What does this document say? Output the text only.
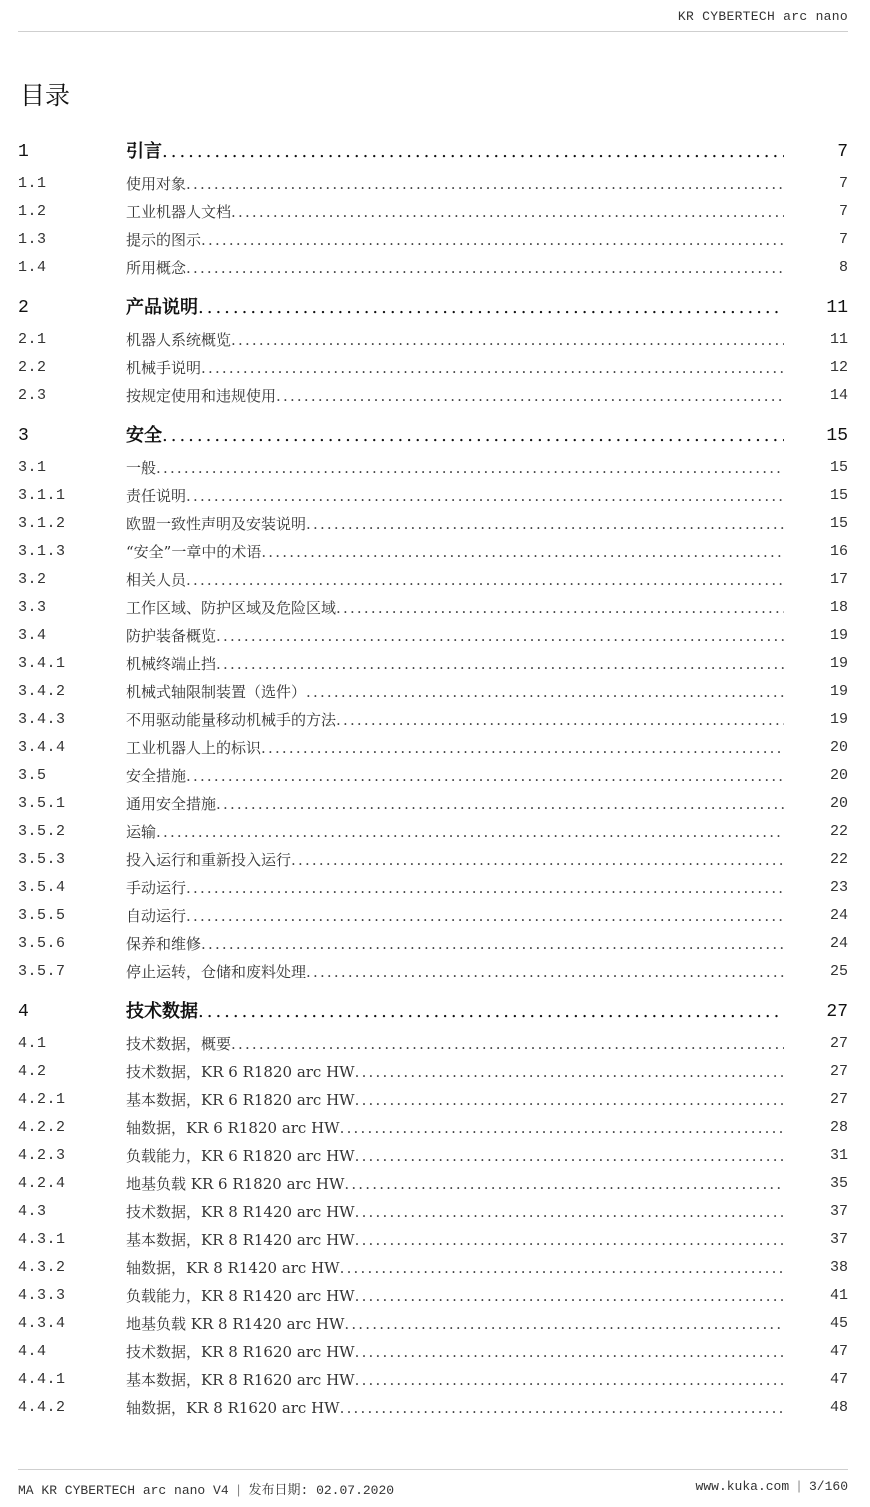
KR CYBERTECH arc nano
目录
1	引言 .....	7
1.1	使用对象 .....	7
1.2	工业机器人文档 .....	7
1.3	提示的图示 .....	7
1.4	所用概念 .....	8
2	产品说明 .....	11
2.1	机器人系统概览 .....	11
2.2	机械手说明 .....	12
2.3	按规定使用和违规使用 .....	14
3	安全 .....	15
3.1	一般 .....	15
3.1.1	责任说明 .....	15
3.1.2	欧盟一致性声明及安装说明 .....	15
3.1.3	“安全”一章中的术语 .....	16
3.2	相关人员 .....	17
3.3	工作区域、防护区域及危险区域 .....	18
3.4	防护装备概览 .....	19
3.4.1	机械终端止挡 .....	19
3.4.2	机械式轴限制装置（选件） .....	19
3.4.3	不用驱动能量移动机械手的方法 .....	19
3.4.4	工业机器人上的标识 .....	20
3.5	安全措施 .....	20
3.5.1	通用安全措施 .....	20
3.5.2	运输 .....	22
3.5.3	投入运行和重新投入运行 .....	22
3.5.4	手动运行 .....	23
3.5.5	自动运行 .....	24
3.5.6	保养和维修 .....	24
3.5.7	停止运转，仓储和废料处理 .....	25
4	技术数据 .....	27
4.1	技术数据，概要 .....	27
4.2	技术数据，KR 6 R1820 arc HW .....	27
4.2.1	基本数据，KR 6 R1820 arc HW .....	27
4.2.2	轴数据，KR 6 R1820 arc HW .....	28
4.2.3	负载能力，KR 6 R1820 arc HW .....	31
4.2.4	地基负载 KR 6 R1820 arc HW .....	35
4.3	技术数据，KR 8 R1420 arc HW .....	37
4.3.1	基本数据，KR 8 R1420 arc HW .....	37
4.3.2	轴数据，KR 8 R1420 arc HW .....	38
4.3.3	负载能力，KR 8 R1420 arc HW .....	41
4.3.4	地基负载 KR 8 R1420 arc HW .....	45
4.4	技术数据，KR 8 R1620 arc HW .....	47
4.4.1	基本数据，KR 8 R1620 arc HW .....	47
4.4.2	轴数据，KR 8 R1620 arc HW .....	48
MA KR CYBERTECH arc nano V4 | 发布日期: 02.07.2020	www.kuka.com | 3/160
